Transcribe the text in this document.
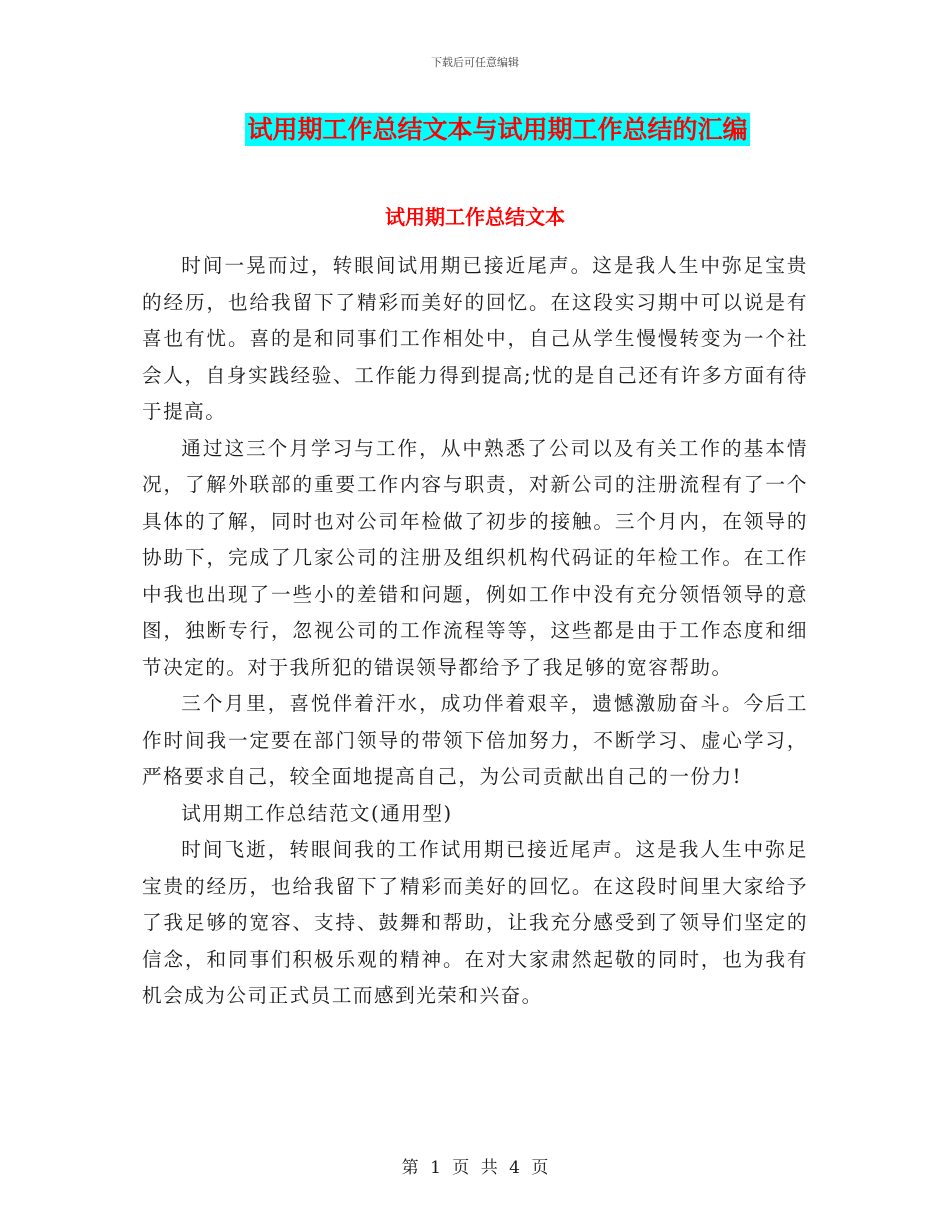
下载后可任意编辑
试用期工作总结文本与试用期工作总结的汇编
试用期工作总结文本

时间一晃而过，转眼间试用期已接近尾声。这是我人生中弥足宝贵的经历，也给我留下了精彩而美好的回忆。在这段实习期中可以说是有喜也有忧。喜的是和同事们工作相处中，自己从学生慢慢转变为一个社会人，自身实践经验、工作能力得到提高;忧的是自己还有许多方面有待于提高。

通过这三个月学习与工作，从中熟悉了公司以及有关工作的基本情况，了解外联部的重要工作内容与职责，对新公司的注册流程有了一个具体的了解，同时也对公司年检做了初步的接触。三个月内，在领导的协助下，完成了几家公司的注册及组织机构代码证的年检工作。在工作中我也出现了一些小的差错和问题，例如工作中没有充分领悟领导的意图，独断专行，忽视公司的工作流程等等，这些都是由于工作态度和细节决定的。对于我所犯的错误领导都给予了我足够的宽容帮助。

三个月里，喜悦伴着汗水，成功伴着艰辛，遗憾激励奋斗。今后工作时间我一定要在部门领导的带领下倍加努力，不断学习、虚心学习，严格要求自己，较全面地提高自己，为公司贡献出自己的一份力!

试用期工作总结范文(通用型)

时间飞逝，转眼间我的工作试用期已接近尾声。这是我人生中弥足宝贵的经历，也给我留下了精彩而美好的回忆。在这段时间里大家给予了我足够的宽容、支持、鼓舞和帮助，让我充分感受到了领导们坚定的信念，和同事们积极乐观的精神。在对大家肃然起敬的同时，也为我有机会成为公司正式员工而感到光荣和兴奋。

第 1 页 共 4 页
